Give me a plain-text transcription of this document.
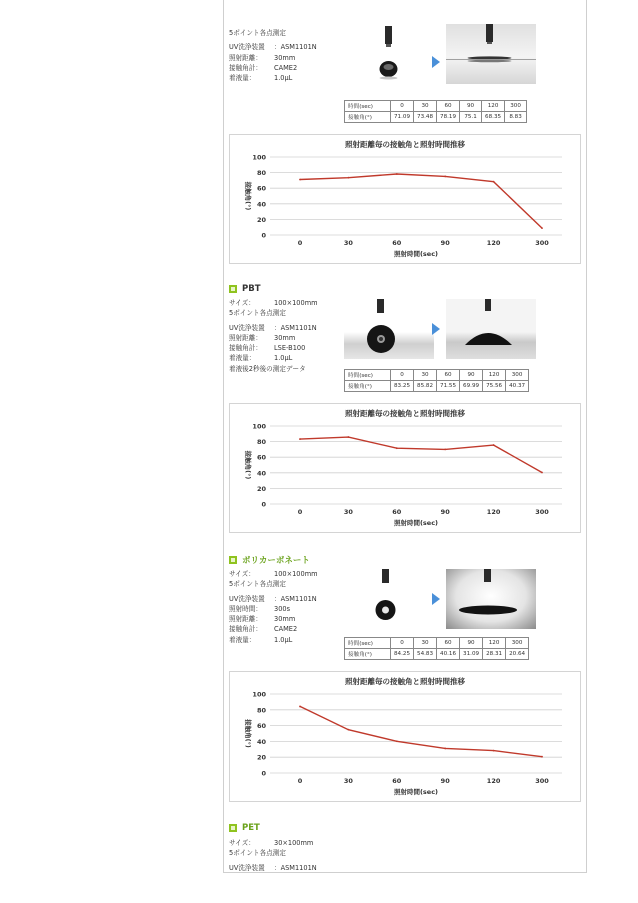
5ポイント各点測定
UV洗浄装置	：ASM1101N
照射距離：	30mm
接触角計：	CAME2
着液量：	1.0μL
時間(sec)	0	30	60	90	120	300
接触角(°)	71.09	73.48	78.19	75.1	68.35	8.83
照射距離毎の接触角と照射時間推移
0
20
40
60
80
100
接触角(°)
0	30	60	90	120	300
照射時間(sec)
PBT
サイズ：	100×100mm
5ポイント各点測定
UV洗浄装置	：ASM1101N
照射距離：	30mm
接触角計：	LSE-B100
着液量：	1.0μL
着液後2秒後の測定データ
時間(sec)	0	30	60	90	120	300
接触角(°)	83.25	85.82	71.55	69.99	75.56	40.37
照射距離毎の接触角と照射時間推移
0
20
40
60
80
100
接触角(°)
0	30	60	90	120	300
照射時間(sec)
ポリカーボネート
サイズ：	100×100mm
5ポイント各点測定
UV洗浄装置	：ASM1101N
照射時間：	300s
照射距離：	30mm
接触角計：	CAME2
着液量：	1.0μL
時間(sec)	0	30	60	90	120	300
接触角(°)	84.25	54.83	40.16	31.09	28.31	20.64
照射距離毎の接触角と照射時間推移
0
20
40
60
80
100
接触角(°)
0	30	60	90	120	300
照射時間(sec)
PET
サイズ：	30×100mm
5ポイント各点測定
UV洗浄装置	：ASM1101N
